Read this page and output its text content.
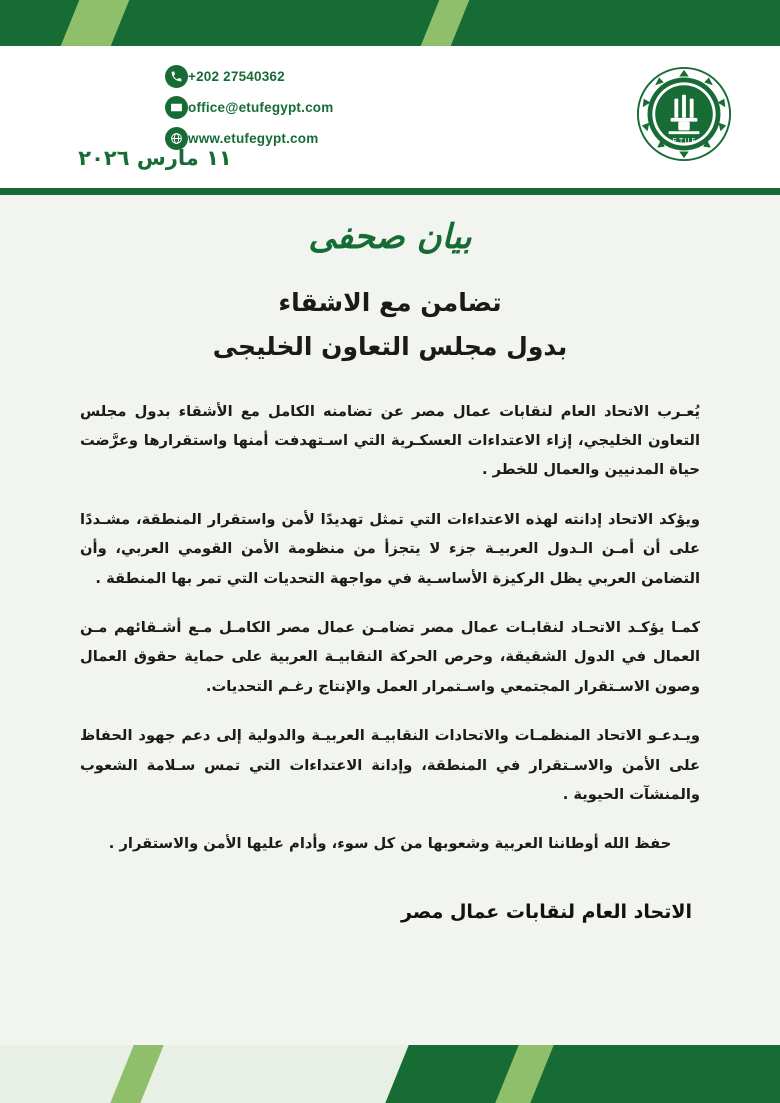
+202 27540362
office@etufegypt.com
www.etufegypt.com
١١ مارس ٢٠٢٦
E.T.U.F
بيان صحفى
تضامن مع الاشقاء
بدول مجلس التعاون الخليجى

يُعـرب الاتحاد العام لنقابات عمال مصر عن تضامنه الكامل مع الأشقاء بدول مجلس التعاون الخليجي، إزاء الاعتداءات العسكـرية التي اسـتهدفت أمنها واستقرارها وعرَّضت حياة المدنيين والعمال للخطر .

ويؤكد الاتحاد إدانته لهذه الاعتداءات التي تمثل تهديدًا لأمن واستقرار المنطقة، مشـددًا على أن أمـن الـدول العربيـة جزء لا يتجزأ من منظومة الأمن القومي العربي، وأن التضامن العربي يظل الركيزة الأساسـية في مواجهة التحديات التي تمر بها المنطقة .

كمـا يؤكـد الاتحـاد لنقابـات عمال مصر تضامـن عمال مصر الكامـل مـع أشـقائهم مـن العمال في الدول الشقيقة، وحرص الحركة النقابيـة العربية على حماية حقوق العمال وصون الاسـتقرار المجتمعي واسـتمرار العمل والإنتاج رغـم التحديات.

ويـدعـو الاتحاد المنظمـات والاتحادات النقابيـة العربيـة والدولية إلى دعم جهود الحفاظ على الأمن والاسـتقرار في المنطقة، وإدانة الاعتداءات التي تمس سـلامة الشعوب والمنشآت الحيوية .

حفظ الله أوطاننا العربية وشعوبها من كل سوء، وأدام عليها الأمن والاستقرار .

الاتحاد العام لنقابات عمال مصر
